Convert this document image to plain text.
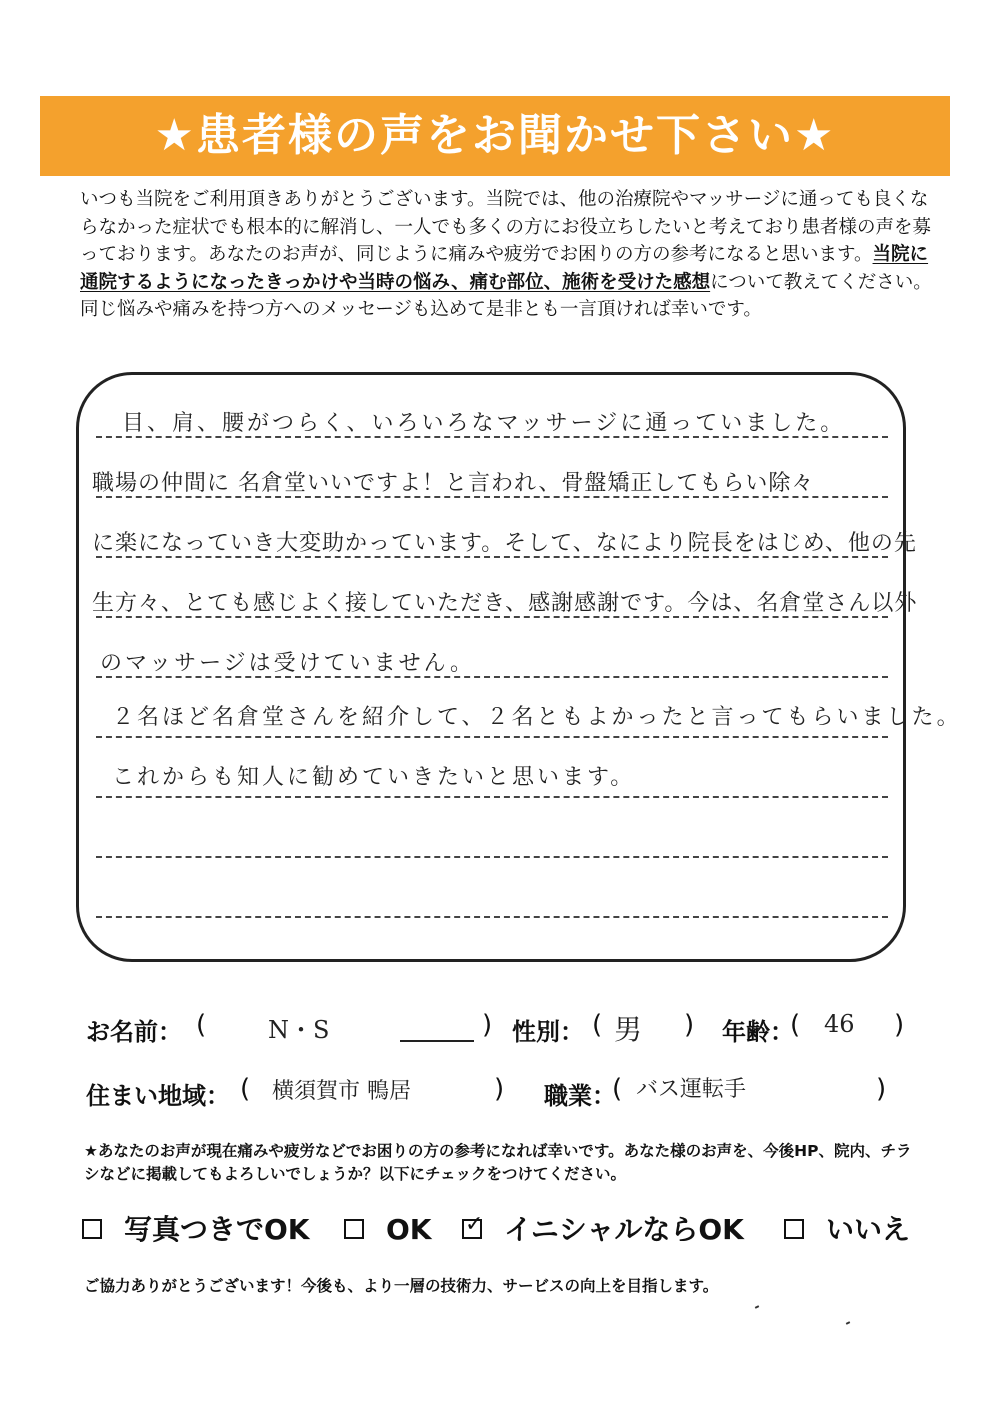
★患者様の声をお聞かせ下さい★
いつも当院をご利用頂きありがとうございます。当院では、他の治療院やマッサージに通っても良くならなかった症状でも根本的に解消し、一人でも多くの方にお役立ちしたいと考えており患者様の声を募っております。あなたのお声が、同じように痛みや疲労でお困りの方の参考になると思います。当院に通院するようになったきっかけや当時の悩み、痛む部位、施術を受けた感想について教えてください。同じ悩みや痛みを持つ方へのメッセージも込めて是非とも一言頂ければ幸いです。
目、肩、腰がつらく、いろいろなマッサージに通っていました。
職場の仲間に 名倉堂いいですよ！と言われ、骨盤矯正してもらい除々
に楽になっていき大変助かっています。そして、なにより院長をはじめ、他の先
生方々、とても感じよく接していただき、感謝感謝です。今は、名倉堂さん以外
のマッサージは受けていません。
２名ほど名倉堂さんを紹介して、２名ともよかったと言ってもらいました。
これからも知人に勧めていきたいと思います。
お名前： (	N・S	) 性別： ( 男 ) 年齢：
( 46 )
住まい地域： ( 横須賀市 鴨居	) 職業：
( バス運転手	)
★あなたのお声が現在痛みや疲労などでお困りの方の参考になれば幸いです。あなた様のお声を、今後HP、院内、チラシなどに掲載してもよろしいでしょうか？以下にチェックをつけてください。
写真つきでOK	OK ✓ イニシャルならOK	いいえ
ご協力ありがとうございます！今後も、より一層の技術力、サービスの向上を目指します。
